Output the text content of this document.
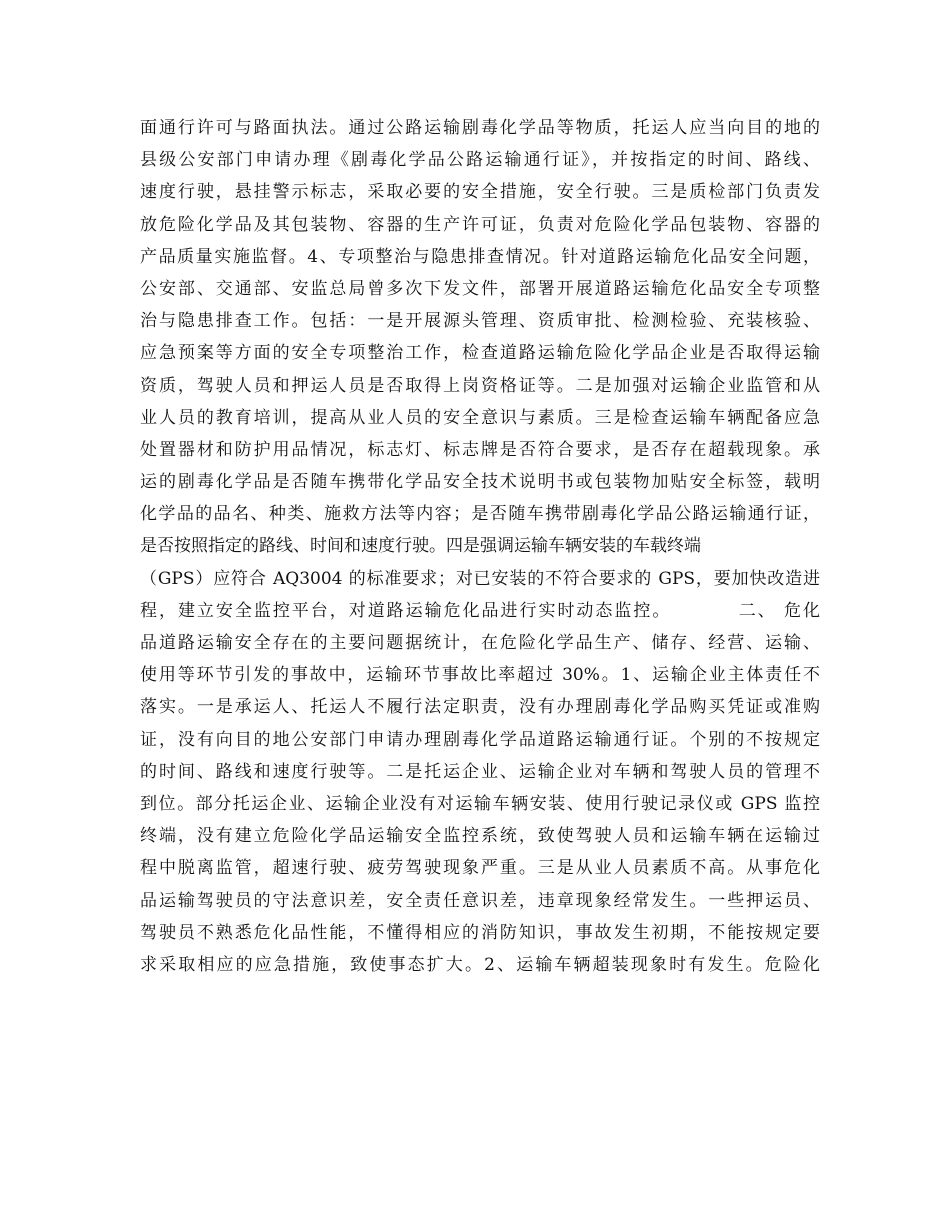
面通行许可与路面执法。通过公路运输剧毒化学品等物质，托运人应当向目的地的
县级公安部门申请办理《剧毒化学品公路运输通行证》，并按指定的时间、路线、
速度行驶，悬挂警示标志，采取必要的安全措施，安全行驶。三是质检部门负责发
放危险化学品及其包装物、容器的生产许可证，负责对危险化学品包装物、容器的
产品质量实施监督。4、专项整治与隐患排查情况。针对道路运输危化品安全问题，
公安部、交通部、安监总局曾多次下发文件，部署开展道路运输危化品安全专项整
治与隐患排查工作。包括：一是开展源头管理、资质审批、检测检验、充装核验、
应急预案等方面的安全专项整治工作，检查道路运输危险化学品企业是否取得运输
资质，驾驶人员和押运人员是否取得上岗资格证等。二是加强对运输企业监管和从
业人员的教育培训，提高从业人员的安全意识与素质。三是检查运输车辆配备应急
处置器材和防护用品情况，标志灯、标志牌是否符合要求，是否存在超载现象。承
运的剧毒化学品是否随车携带化学品安全技术说明书或包装物加贴安全标签，载明
化学品的品名、种类、施救方法等内容；是否随车携带剧毒化学品公路运输通行证，
是否按照指定的路线、时间和速度行驶。四是强调运输车辆安装的车载终端
（GPS）应符合 AQ3004 的标准要求；对已安装的不符合要求的 GPS，要加快改造进
程，建立安全监控平台，对道路运输危化品进行实时动态监控。　　　　二、 危化
品道路运输安全存在的主要问题据统计，在危险化学品生产、储存、经营、运输、
使用等环节引发的事故中，运输环节事故比率超过 30%。1、运输企业主体责任不
落实。一是承运人、托运人不履行法定职责，没有办理剧毒化学品购买凭证或准购
证，没有向目的地公安部门申请办理剧毒化学品道路运输通行证。个别的不按规定
的时间、路线和速度行驶等。二是托运企业、运输企业对车辆和驾驶人员的管理不
到位。部分托运企业、运输企业没有对运输车辆安装、使用行驶记录仪或 GPS 监控
终端，没有建立危险化学品运输安全监控系统，致使驾驶人员和运输车辆在运输过
程中脱离监管，超速行驶、疲劳驾驶现象严重。三是从业人员素质不高。从事危化
品运输驾驶员的守法意识差，安全责任意识差，违章现象经常发生。一些押运员、
驾驶员不熟悉危化品性能，不懂得相应的消防知识，事故发生初期，不能按规定要
求采取相应的应急措施，致使事态扩大。2、运输车辆超装现象时有发生。危险化
